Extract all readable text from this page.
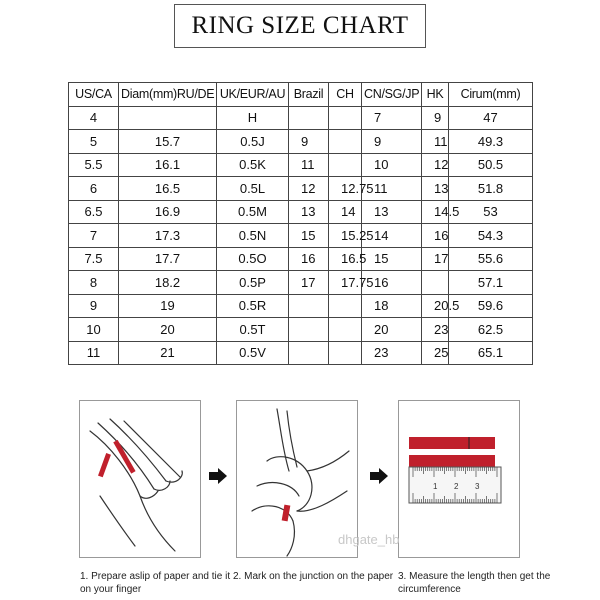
RING SIZE CHART
US/CA	Diam(mm)RU/DE	UK/EUR/AU	Brazil	CH	CN/SG/JP	HK	Cirum(mm)
4		H			7	9	47
5	15.7	0.5J	9		9	11	49.3
5.5	16.1	0.5K	11		10	12	50.5
6	16.5	0.5L	12	12.75	11	13	51.8
6.5	16.9	0.5M	13	14	13	14.5	53
7	17.3	0.5N	15	15.25	14	16	54.3
7.5	17.7	0.5O	16	16.5	15	17	55.6
8	18.2	0.5P	17	17.75	16		57.1
9	19	0.5R			18	20.5	59.6
10	20	0.5T			20	23	62.5
11	21	0.5V			23	25	65.1
1 2 3
1. Prepare aslip of paper and tie it
on your finger
2. Mark on the junction on the paper 3. Measure the length then get the
circumference
dhgate_hb
